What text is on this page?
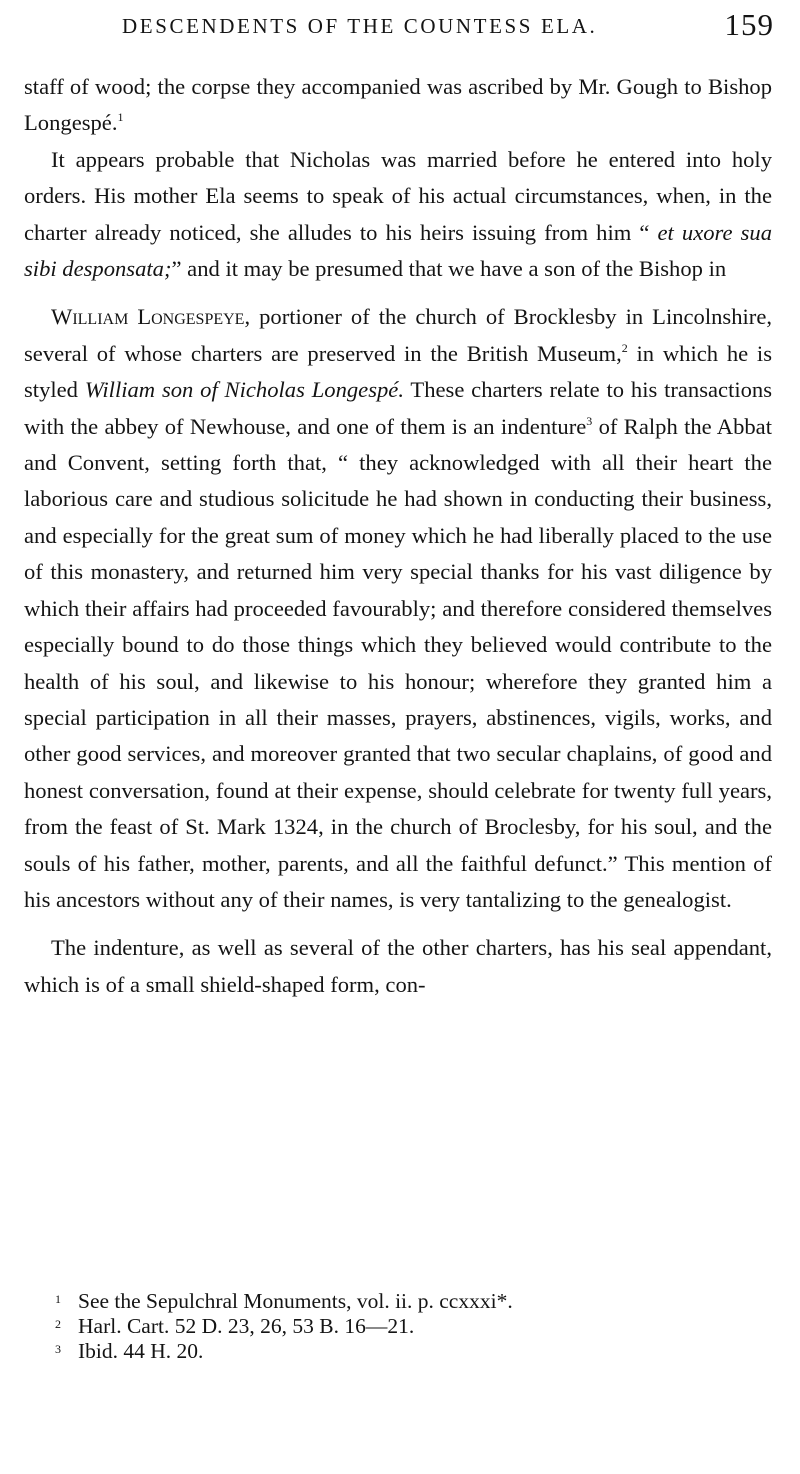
DESCENDENTS OF THE COUNTESS ELA.	159

staff of wood; the corpse they accompanied was ascribed by Mr. Gough to Bishop Longespé.$^1$

It appears probable that Nicholas was married before he entered into holy orders. His mother Ela seems to speak of his actual circumstances, when, in the charter already noticed, she alludes to his heirs issuing from him “ et uxore sua sibi desponsata;” and it may be presumed that we have a son of the Bishop in

William Longespeye, portioner of the church of Brocklesby in Lincolnshire, several of whose charters are preserved in the British Museum,$^2$ in which he is styled William son of Nicholas Longespé. These charters relate to his transactions with the abbey of Newhouse, and one of them is an indenture$^3$ of Ralph the Abbat and Convent, setting forth that, “ they acknowledged with all their heart the laborious care and studious solicitude he had shown in conducting their business, and especially for the great sum of money which he had liberally placed to the use of this monastery, and returned him very special thanks for his vast diligence by which their affairs had proceeded favourably; and therefore considered themselves especially bound to do those things which they believed would contribute to the health of his soul, and likewise to his honour; wherefore they granted him a special participation in all their masses, prayers, abstinences, vigils, works, and other good services, and moreover granted that two secular chaplains, of good and honest conversation, found at their expense, should celebrate for twenty full years, from the feast of St. Mark 1324, in the church of Broclesby, for his soul, and the souls of his father, mother, parents, and all the faithful defunct.” This mention of his ancestors without any of their names, is very tantalizing to the genealogist.

The indenture, as well as several of the other charters, has his seal appendant, which is of a small shield-shaped form, con-

1 See the Sepulchral Monuments, vol. ii. p. ccxxxi*.
2 Harl. Cart. 52 D. 23, 26, 53 B. 16—21.
3 Ibid. 44 H. 20.
